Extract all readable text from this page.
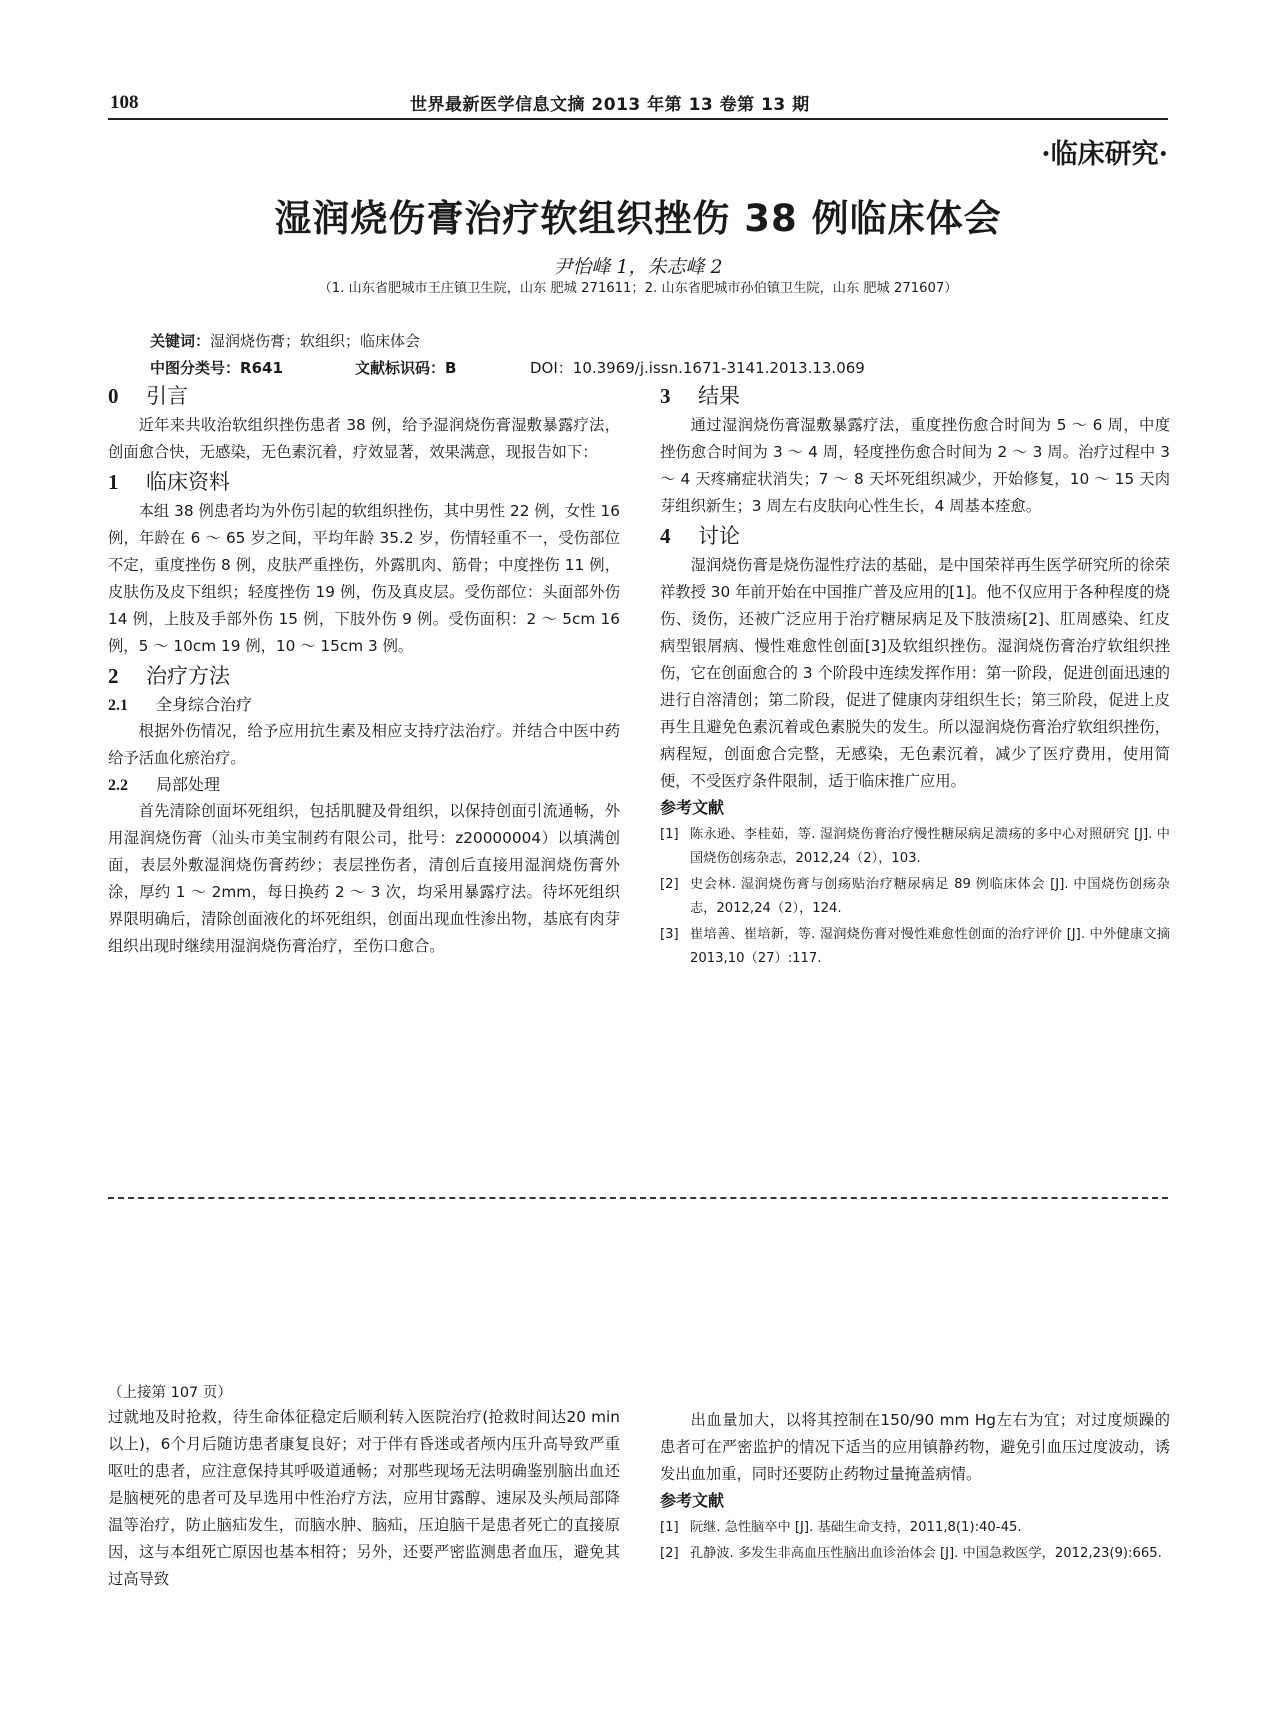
108	世界最新医学信息文摘 2013 年第 13 卷第 13 期
·临床研究·
湿润烧伤膏治疗软组织挫伤 38 例临床体会
尹怡峰 1，朱志峰 2
（1. 山东省肥城市王庄镇卫生院，山东 肥城 271611；2. 山东省肥城市孙伯镇卫生院，山东 肥城 271607）
关键词：湿润烧伤膏；软组织；临床体会
中图分类号：R641	文献标识码：B	DOI：10.3969/j.issn.1671-3141.2013.13.069
0 引言

近年来共收治软组织挫伤患者 38 例，给予湿润烧伤膏湿敷暴露疗法，创面愈合快，无感染，无色素沉着，疗效显著，效果满意，现报告如下：

1 临床资料

本组 38 例患者均为外伤引起的软组织挫伤，其中男性 22 例，女性 16 例，年龄在 6 ～ 65 岁之间，平均年龄 35.2 岁，伤情轻重不一，受伤部位不定，重度挫伤 8 例，皮肤严重挫伤，外露肌肉、筋骨；中度挫伤 11 例，皮肤伤及皮下组织；轻度挫伤 19 例，伤及真皮层。受伤部位：头面部外伤 14 例，上肢及手部外伤 15 例，下肢外伤 9 例。受伤面积：2 ～ 5cm 16 例，5 ～ 10cm 19 例，10 ～ 15cm 3 例。

2 治疗方法
2.1 全身综合治疗

根据外伤情况，给予应用抗生素及相应支持疗法治疗。并结合中医中药给予活血化瘀治疗。

2.2 局部处理

首先清除创面坏死组织，包括肌腱及骨组织，以保持创面引流通畅，外用湿润烧伤膏（汕头市美宝制药有限公司，批号：z20000004）以填满创面，表层外敷湿润烧伤膏药纱；表层挫伤者，清创后直接用湿润烧伤膏外涂，厚约 1 ～ 2mm，每日换药 2 ～ 3 次，均采用暴露疗法。待坏死组织界限明确后，清除创面液化的坏死组织，创面出现血性渗出物，基底有肉芽组织出现时继续用湿润烧伤膏治疗，至伤口愈合。

3 结果

通过湿润烧伤膏湿敷暴露疗法，重度挫伤愈合时间为 5 ～ 6 周，中度挫伤愈合时间为 3 ～ 4 周，轻度挫伤愈合时间为 2 ～ 3 周。治疗过程中 3 ～ 4 天疼痛症状消失；7 ～ 8 天坏死组织减少，开始修复，10 ～ 15 天肉芽组织新生；3 周左右皮肤向心性生长，4 周基本痊愈。

4 讨论

湿润烧伤膏是烧伤湿性疗法的基础，是中国荣祥再生医学研究所的徐荣祥教授 30 年前开始在中国推广普及应用的[1]。他不仅应用于各种程度的烧伤、烫伤，还被广泛应用于治疗糖尿病足及下肢溃疡[2]、肛周感染、红皮病型银屑病、慢性难愈性创面[3]及软组织挫伤。湿润烧伤膏治疗软组织挫伤，它在创面愈合的 3 个阶段中连续发挥作用：第一阶段，促进创面迅速的进行自溶清创；第二阶段，促进了健康肉芽组织生长；第三阶段，促进上皮再生且避免色素沉着或色素脱失的发生。所以湿润烧伤膏治疗软组织挫伤，病程短，创面愈合完整，无感染，无色素沉着，减少了医疗费用，使用简便，不受医疗条件限制，适于临床推广应用。

参考文献
[1] 陈永逊、李桂茹，等. 湿润烧伤膏治疗慢性糖尿病足溃疡的多中心对照研究 [J]. 中国烧伤创疡杂志，2012,24（2），103.
[2] 史会林. 湿润烧伤膏与创疡贴治疗糖尿病足 89 例临床体会 [J]. 中国烧伤创疡杂志，2012,24（2），124.
[3] 崔培善、崔培新，等. 湿润烧伤膏对慢性难愈性创面的治疗评价 [J]. 中外健康文摘 2013,10（27）:117.
（上接第 107 页）

过就地及时抢救，待生命体征稳定后顺利转入医院治疗(抢救时间达20 min以上)，6个月后随访患者康复良好；对于伴有昏迷或者颅内压升高导致严重呕吐的患者，应注意保持其呼吸道通畅；对那些现场无法明确鉴别脑出血还是脑梗死的患者可及早选用中性治疗方法，应用甘露醇、速尿及头颅局部降温等治疗，防止脑疝发生，而脑水肿、脑疝，压迫脑干是患者死亡的直接原因，这与本组死亡原因也基本相符；另外，还要严密监测患者血压，避免其过高导致

出血量加大，以将其控制在150/90 mm Hg左右为宜；对过度烦躁的患者可在严密监护的情况下适当的应用镇静药物，避免引血压过度波动，诱发出血加重，同时还要防止药物过量掩盖病情。

参考文献
[1] 阮继. 急性脑卒中 [J]. 基础生命支持，2011,8(1):40-45.
[2] 孔静波. 多发生非高血压性脑出血诊治体会 [J]. 中国急救医学，2012,23(9):665.
